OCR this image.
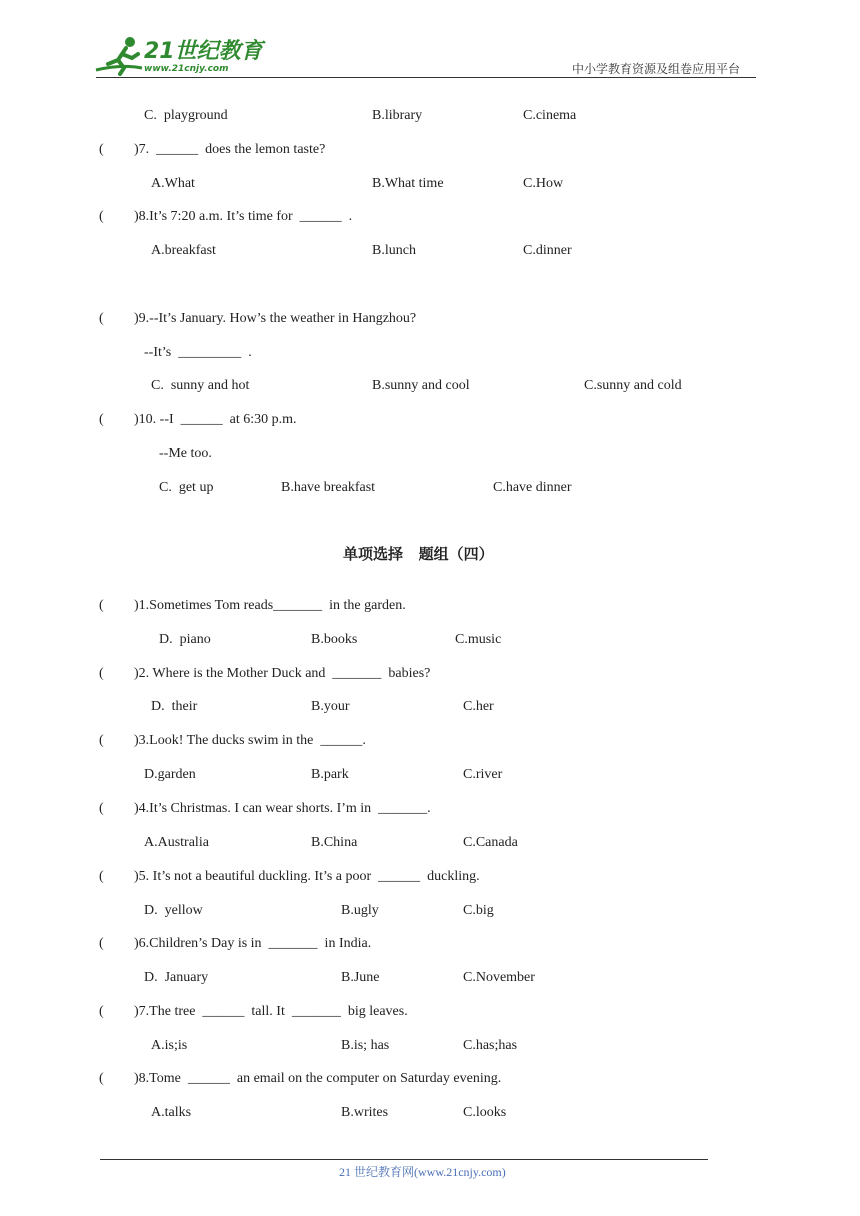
21世纪教育
www.21cnjy.com	中小学教育资源及组卷应用平台
C.  playground	B.library	C.cinema
( )7.  ______  does the lemon taste?
A.What	B.What time	C.How
( )8.It’s 7:20 a.m. It’s time for  ______  .
A.breakfast	B.lunch	C.dinner
( )9.--It’s January. How’s the weather in Hangzhou?
--It’s  _________  .
C.  sunny and hot	B.sunny and cool	C.sunny and cold
( )10. --I  ______  at 6:30 p.m.
--Me too.
C.  get up	B.have breakfast	C.have dinner
单项选择   题组（四）
( )1.Sometimes Tom reads_______  in the garden.
D.  piano	B.books	C.music
( )2. Where is the Mother Duck and  _______  babies?
D.  their	B.your	C.her
( )3.Look! The ducks swim in the  ______.
D.garden	B.park	C.river
( )4.It’s Christmas. I can wear shorts. I’m in  _______.
A.Australia	B.China	C.Canada
( )5. It’s not a beautiful duckling. It’s a poor  ______  duckling.
D.  yellow	B.ugly	C.big
( )6.Children’s Day is in  _______  in India.
D.  January	B.June	C.November
( )7.The tree  ______  tall. It  _______  big leaves.
A.is;is	B.is; has	C.has;has
( )8.Tome  ______  an email on the computer on Saturday evening.
A.talks	B.writes	C.looks
21 世纪教育网(www.21cnjy.com)
